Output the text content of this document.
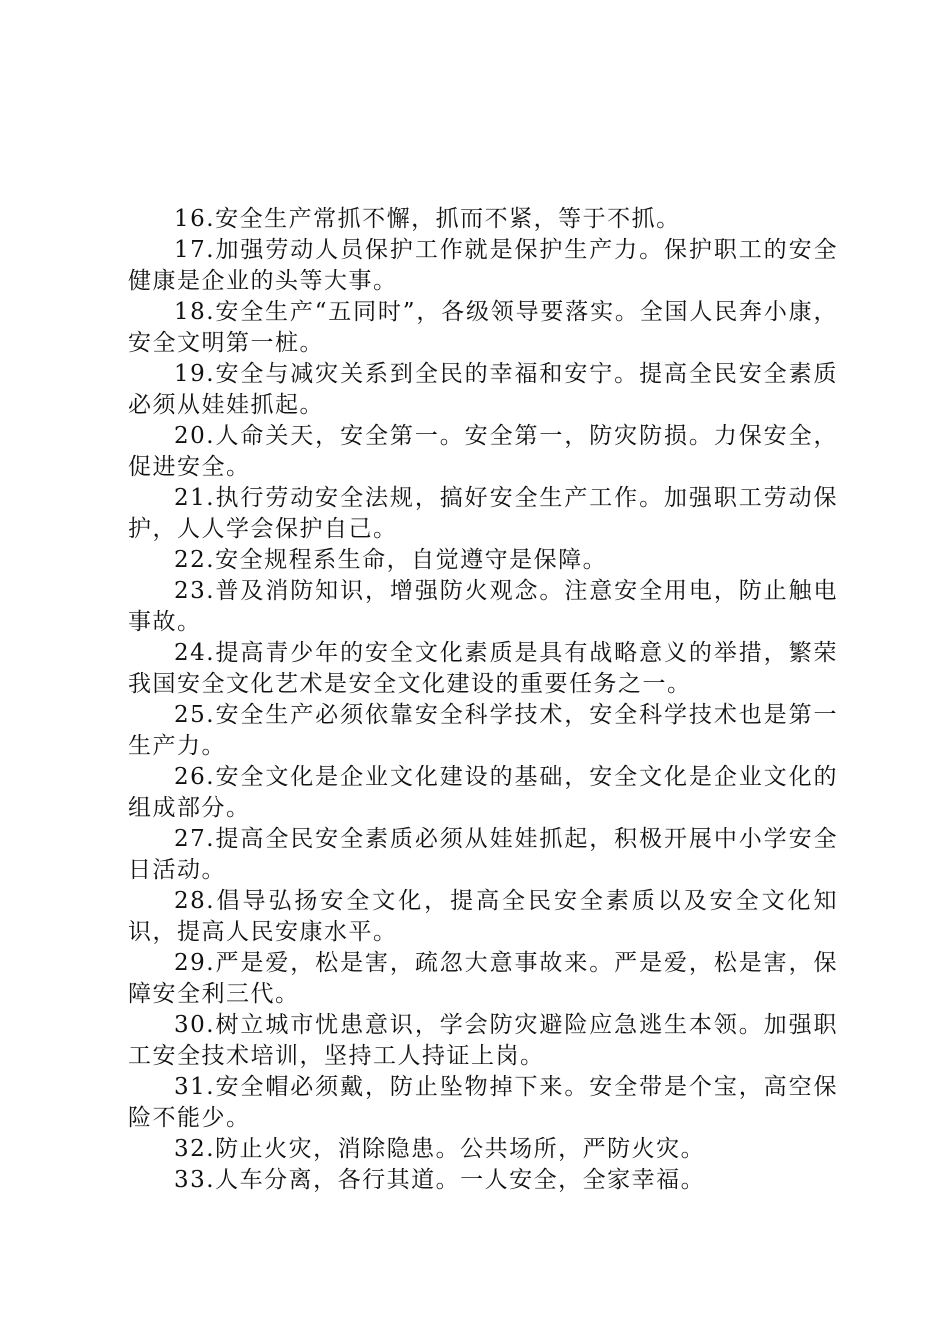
16.安全生产常抓不懈，抓而不紧，等于不抓。

17.加强劳动人员保护工作就是保护生产力。保护职工的安全健康是企业的头等大事。

18.安全生产“五同时”，各级领导要落实。全国人民奔小康，安全文明第一桩。

19.安全与减灾关系到全民的幸福和安宁。提高全民安全素质必须从娃娃抓起。

20.人命关天，安全第一。安全第一，防灾防损。力保安全，促进安全。

21.执行劳动安全法规，搞好安全生产工作。加强职工劳动保护，人人学会保护自己。

22.安全规程系生命，自觉遵守是保障。

23.普及消防知识，增强防火观念。注意安全用电，防止触电事故。

24.提高青少年的安全文化素质是具有战略意义的举措，繁荣我国安全文化艺术是安全文化建设的重要任务之一。

25.安全生产必须依靠安全科学技术，安全科学技术也是第一生产力。

26.安全文化是企业文化建设的基础，安全文化是企业文化的组成部分。

27.提高全民安全素质必须从娃娃抓起，积极开展中小学安全日活动。

28.倡导弘扬安全文化，提高全民安全素质以及安全文化知识，提高人民安康水平。

29.严是爱，松是害，疏忽大意事故来。严是爱，松是害，保障安全利三代。

30.树立城市忧患意识，学会防灾避险应急逃生本领。加强职工安全技术培训，坚持工人持证上岗。

31.安全帽必须戴，防止坠物掉下来。安全带是个宝，高空保险不能少。

32.防止火灾，消除隐患。公共场所，严防火灾。

33.人车分离，各行其道。一人安全，全家幸福。
